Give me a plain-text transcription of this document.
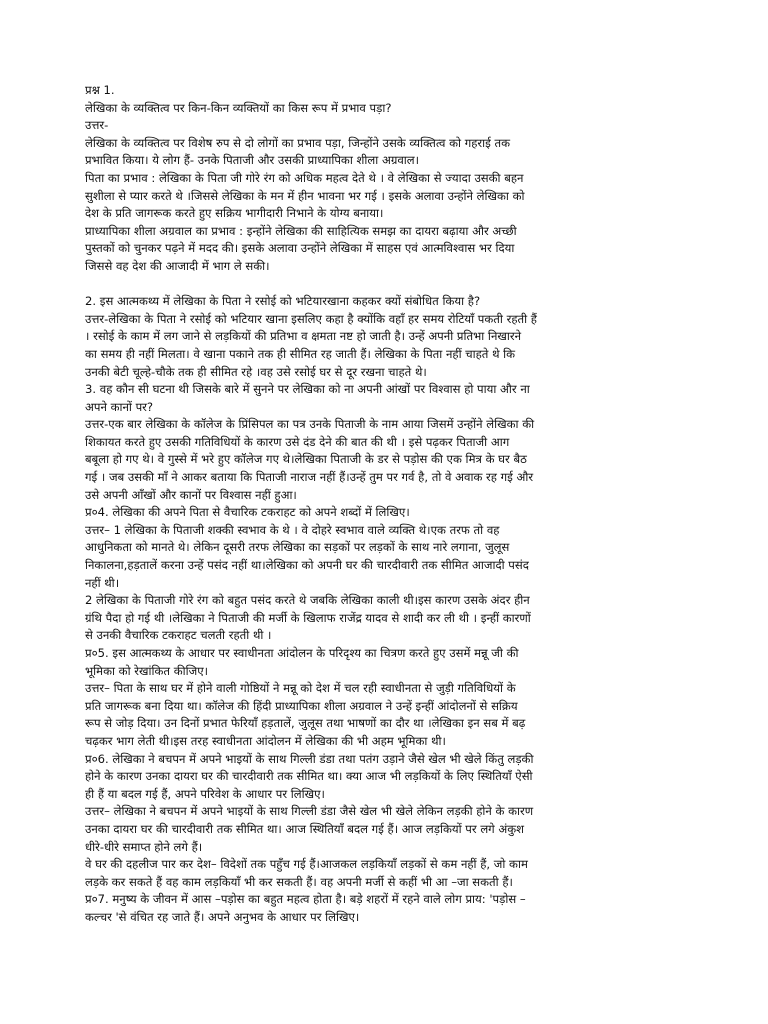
प्रश्न 1.
लेखिका के व्यक्तित्व पर किन-किन व्यक्तियों का किस रूप में प्रभाव पड़ा?
उत्तर-
लेखिका के व्यक्तित्व पर विशेष रुप से दो लोगों का प्रभाव पड़ा, जिन्होंने उसके व्यक्तित्व को गहराई तक
प्रभावित किया। ये लोग हैं- उनके पिताजी और उसकी प्राध्यापिका शीला अग्रवाल।
पिता का प्रभाव : लेखिका के पिता जी गोरे रंग को अधिक महत्व देते थे । वे लेखिका से ज्यादा उसकी बहन
सुशीला से प्यार करते थे ।जिससे लेखिका के मन में हीन भावना भर गई । इसके अलावा उन्होंने लेखिका को
देश के प्रति जागरूक करते हुए सक्रिय भागीदारी निभाने के योग्य बनाया।
प्राध्यापिका शीला अग्रवाल का प्रभाव : इन्होंने लेखिका की साहित्यिक समझ का दायरा बढ़ाया और अच्छी
पुस्तकों को चुनकर पढ़ने में मदद की। इसके अलावा उन्होंने लेखिका में साहस एवं आत्मविश्वास भर दिया
जिससे वह देश की आजादी में भाग ले सकी।
2. इस आत्मकथ्य में लेखिका के पिता ने रसोई को भटियारखाना कहकर क्यों संबोधित किया है?
उत्तर-लेखिका के पिता ने रसोई को भटियार खाना इसलिए कहा है क्योंकि वहाँ हर समय रोटियाँ पकती रहती हैं
। रसोई के काम में लग जाने से लड़कियों की प्रतिभा व क्षमता नष्ट हो जाती है। उन्हें अपनी प्रतिभा निखारने
का समय ही नहीं मिलता। वे खाना पकाने तक ही सीमित रह जाती हैं। लेखिका के पिता नहीं चाहते थे कि
उनकी बेटी चूल्हे-चौके तक ही सीमित रहे ।वह उसे रसोई घर से दूर रखना चाहते थे।
3. वह कौन सी घटना थी जिसके बारे में सुनने पर लेखिका को ना अपनी आंखों पर विश्वास हो पाया और ना
अपने कानों पर?
उत्तर-एक बार लेखिका के कॉलेज के प्रिंसिपल का पत्र उनके पिताजी के नाम आया जिसमें उन्होंने लेखिका की
शिकायत करते हुए उसकी गतिविधियों के कारण उसे दंड देने की बात की थी । इसे पढ़कर पिताजी आग
बबूला हो गए थे। वे गुस्से में भरे हुए कॉलेज गए थे।लेखिका पिताजी के डर से पड़ोस की एक मित्र के घर बैठ
गई । जब उसकी माँ ने आकर बताया कि पिताजी नाराज नहीं हैं।उन्हें तुम पर गर्व है, तो वे अवाक रह गई और
उसे अपनी आँखों और कानों पर विश्वास नहीं हुआ।
प्र०4. लेखिका की अपने पिता से वैचारिक टकराहट को अपने शब्दों में लिखिए।
उत्तर– 1 लेखिका के पिताजी शक्की स्वभाव के थे । वे दोहरे स्वभाव वाले व्यक्ति थे।एक तरफ तो वह
आधुनिकता को मानते थे। लेकिन दूसरी तरफ लेखिका का सड़कों पर लड़कों के साथ नारे लगाना, जुलूस
निकालना,हड़तालें करना उन्हें पसंद नहीं था।लेखिका को अपनी घर की चारदीवारी तक सीमित आजादी पसंद
नहीं थी।
2 लेखिका के पिताजी गोरे रंग को बहुत पसंद करते थे जबकि लेखिका काली थी।इस कारण उसके अंदर हीन
ग्रंथि पैदा हो गई थी ।लेखिका ने पिताजी की मर्जी के खिलाफ राजेंद्र यादव से शादी कर ली थी । इन्हीं कारणों
से उनकी वैचारिक टकराहट चलती रहती थी ।
प्र०5. इस आत्मकथ्य के आधार पर स्वाधीनता आंदोलन के परिदृश्य का चित्रण करते हुए उसमें मन्नू जी की
भूमिका को रेखांकित कीजिए।
उत्तर– पिता के साथ घर में होने वाली गोष्ठियों ने मन्नू को देश में चल रही स्वाधीनता से जुड़ी गतिविधियों के
प्रति जागरूक बना दिया था। कॉलेज की हिंदी प्राध्यापिका शीला अग्रवाल ने उन्हें इन्हीं आंदोलनों से सक्रिय
रूप से जोड़ दिया। उन दिनों प्रभात फेरियाँ हड़तालें, जुलूस तथा भाषणों का दौर था ।लेखिका इन सब में बढ़
चढ़कर भाग लेती थी।इस तरह स्वाधीनता आंदोलन में लेखिका की भी अहम भूमिका थी।
प्र०6. लेखिका ने बचपन में अपने भाइयों के साथ गिल्ली डंडा तथा पतंग उड़ाने जैसे खेल भी खेले किंतु लड़की
होने के कारण उनका दायरा घर की चारदीवारी तक सीमित था। क्या आज भी लड़कियों के लिए स्थितियाँ ऐसी
ही हैं या बदल गई हैं, अपने परिवेश के आधार पर लिखिए।
उत्तर– लेखिका ने बचपन में अपने भाइयों के साथ गिल्ली डंडा जैसे खेल भी खेले लेकिन लड़की होने के कारण
उनका दायरा घर की चारदीवारी तक सीमित था। आज स्थितियाँ बदल गई हैं। आज लड़कियों पर लगे अंकुश
धीरे-धीरे समाप्त होने लगे हैं।
वे घर की दहलीज पार कर देश– विदेशों तक पहुँच गई हैं।आजकल लड़कियाँ लड़कों से कम नहीं हैं, जो काम
लड़के कर सकते हैं वह काम लड़कियाँ भी कर सकती हैं। वह अपनी मर्जी से कहीं भी आ –जा सकती हैं।
प्र०7. मनुष्य के जीवन में आस –पड़ोस का बहुत महत्व होता है। बड़े शहरों में रहने वाले लोग प्राय: 'पड़ोस –
कल्चर 'से वंचित रह जाते हैं। अपने अनुभव के आधार पर लिखिए।
